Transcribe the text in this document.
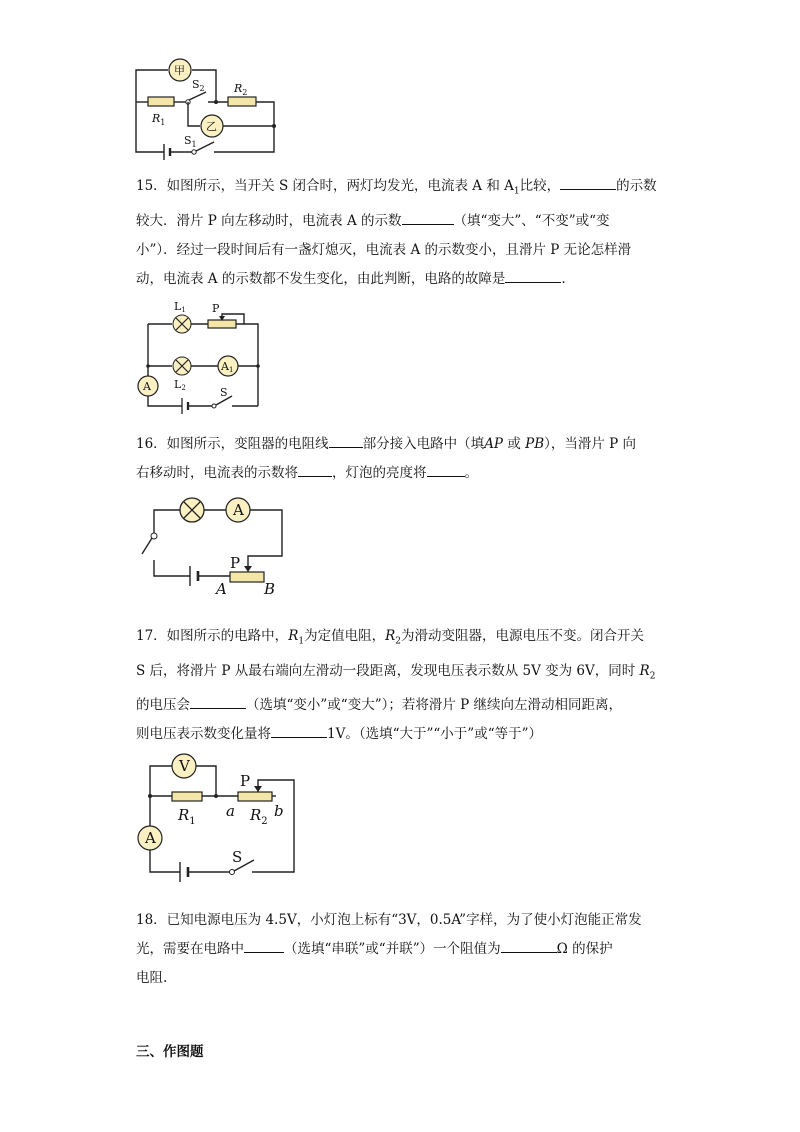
甲
$R_1$
$S_2$	$R_2$
乙
$S_1$

15．如图所示，当开关 S 闭合时，两灯均发光，电流表 A 和 $A_1$比较，	的示数

较大．滑片 P 向左移动时，电流表 A 的示数	（填“变大”、“不变”或“变

小”）．经过一段时间后有一盏灯熄灭，电流表 A 的示数变小，且滑片 P 无论怎样滑

动，电流表 A 的示数都不发生变化，由此判断，电路的故障是	.

L1 P
L2
A1
A	S

16．如图所示，变阻器的电阻线	部分接入电路中（填AP 或 PB），当滑片 P 向

右移动时，电流表的示数将	，灯泡的亮度将	。

A
P
A B

17．如图所示的电路中，$R_1$为定值电阻，$R_2$为滑动变阻器，电源电压不变。闭合开关

S 后，将滑片 P 从最右端向左滑动一段距离，发现电压表示数从 5V 变为 6V，同时 $R_2$

的电压会	（选填“变小”或“变大”）；若将滑片 P 继续向左滑动相同距离，

则电压表示数变化量将	1V。（选填“大于”“小于”或“等于”）

V
P
$R_1$
a $R_2$
b
A
S

18．已知电源电压为 4.5V，小灯泡上标有“3V，0.5A”字样，为了使小灯泡能正常发

光，需要在电路中	（选填“串联”或“并联”）一个阻值为	Ω 的保护

电阻.

三、作图题
